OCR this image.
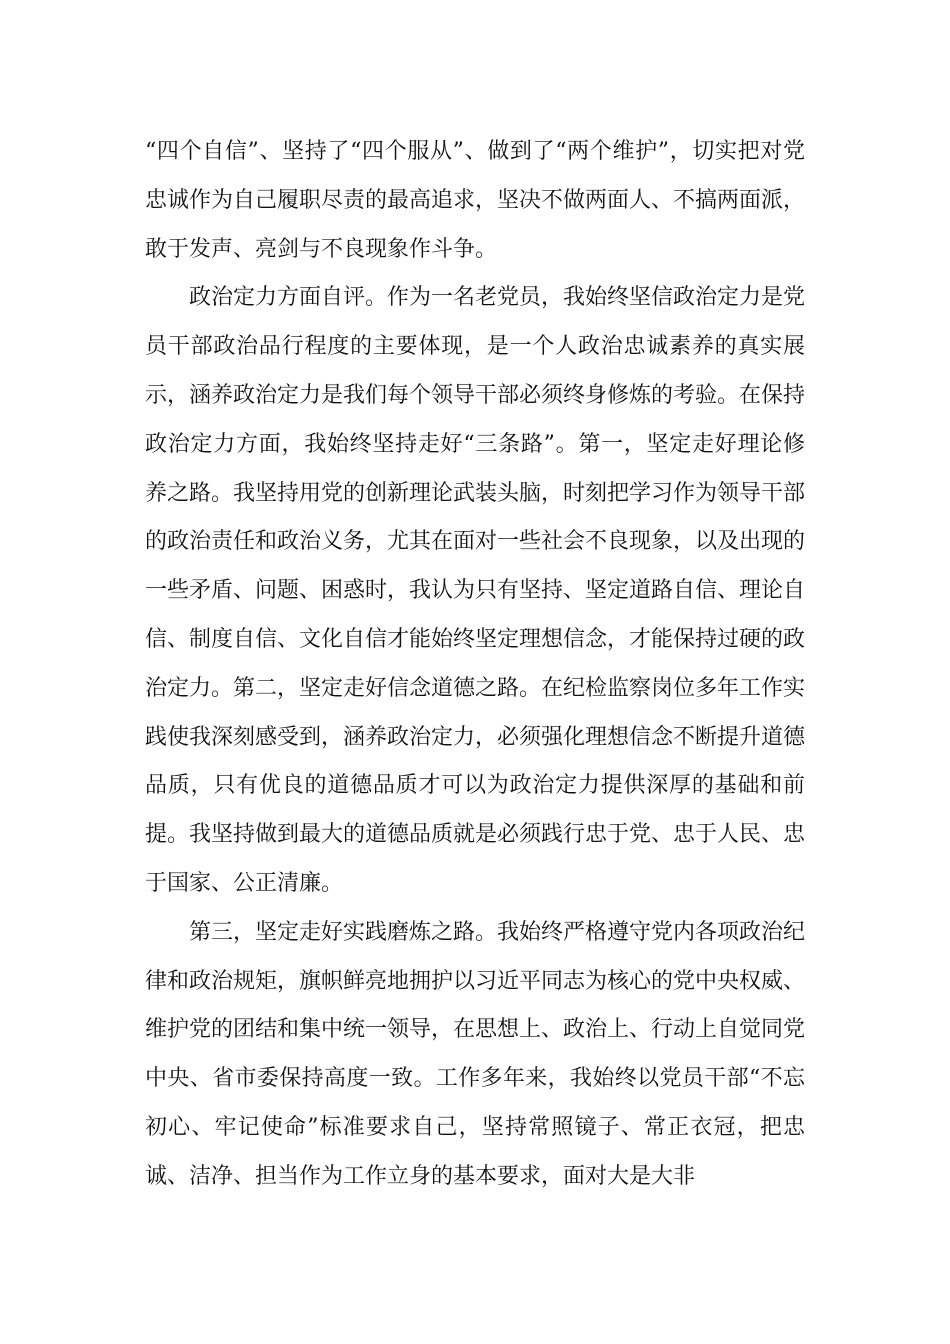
“四个自信”、坚持了“四个服从”、做到了“两个维护”，切实把对党忠诚作为自己履职尽责的最高追求，坚决不做两面人、不搞两面派，敢于发声、亮剑与不良现象作斗争。

政治定力方面自评。作为一名老党员，我始终坚信政治定力是党员干部政治品行程度的主要体现，是一个人政治忠诚素养的真实展示，涵养政治定力是我们每个领导干部必须终身修炼的考验。在保持政治定力方面，我始终坚持走好“三条路”。第一，坚定走好理论修养之路。我坚持用党的创新理论武装头脑，时刻把学习作为领导干部的政治责任和政治义务，尤其在面对一些社会不良现象，以及出现的一些矛盾、问题、困惑时，我认为只有坚持、坚定道路自信、理论自信、制度自信、文化自信才能始终坚定理想信念，才能保持过硬的政治定力。第二，坚定走好信念道德之路。在纪检监察岗位多年工作实践使我深刻感受到，涵养政治定力，必须强化理想信念不断提升道德品质，只有优良的道德品质才可以为政治定力提供深厚的基础和前提。我坚持做到最大的道德品质就是必须践行忠于党、忠于人民、忠于国家、公正清廉。

第三，坚定走好实践磨炼之路。我始终严格遵守党内各项政治纪律和政治规矩，旗帜鲜亮地拥护以习近平同志为核心的党中央权威、维护党的团结和集中统一领导，在思想上、政治上、行动上自觉同党中央、省市委保持高度一致。工作多年来，我始终以党员干部“不忘初心、牢记使命”标准要求自己，坚持常照镜子、常正衣冠，把忠诚、洁净、担当作为工作立身的基本要求，面对大是大非
